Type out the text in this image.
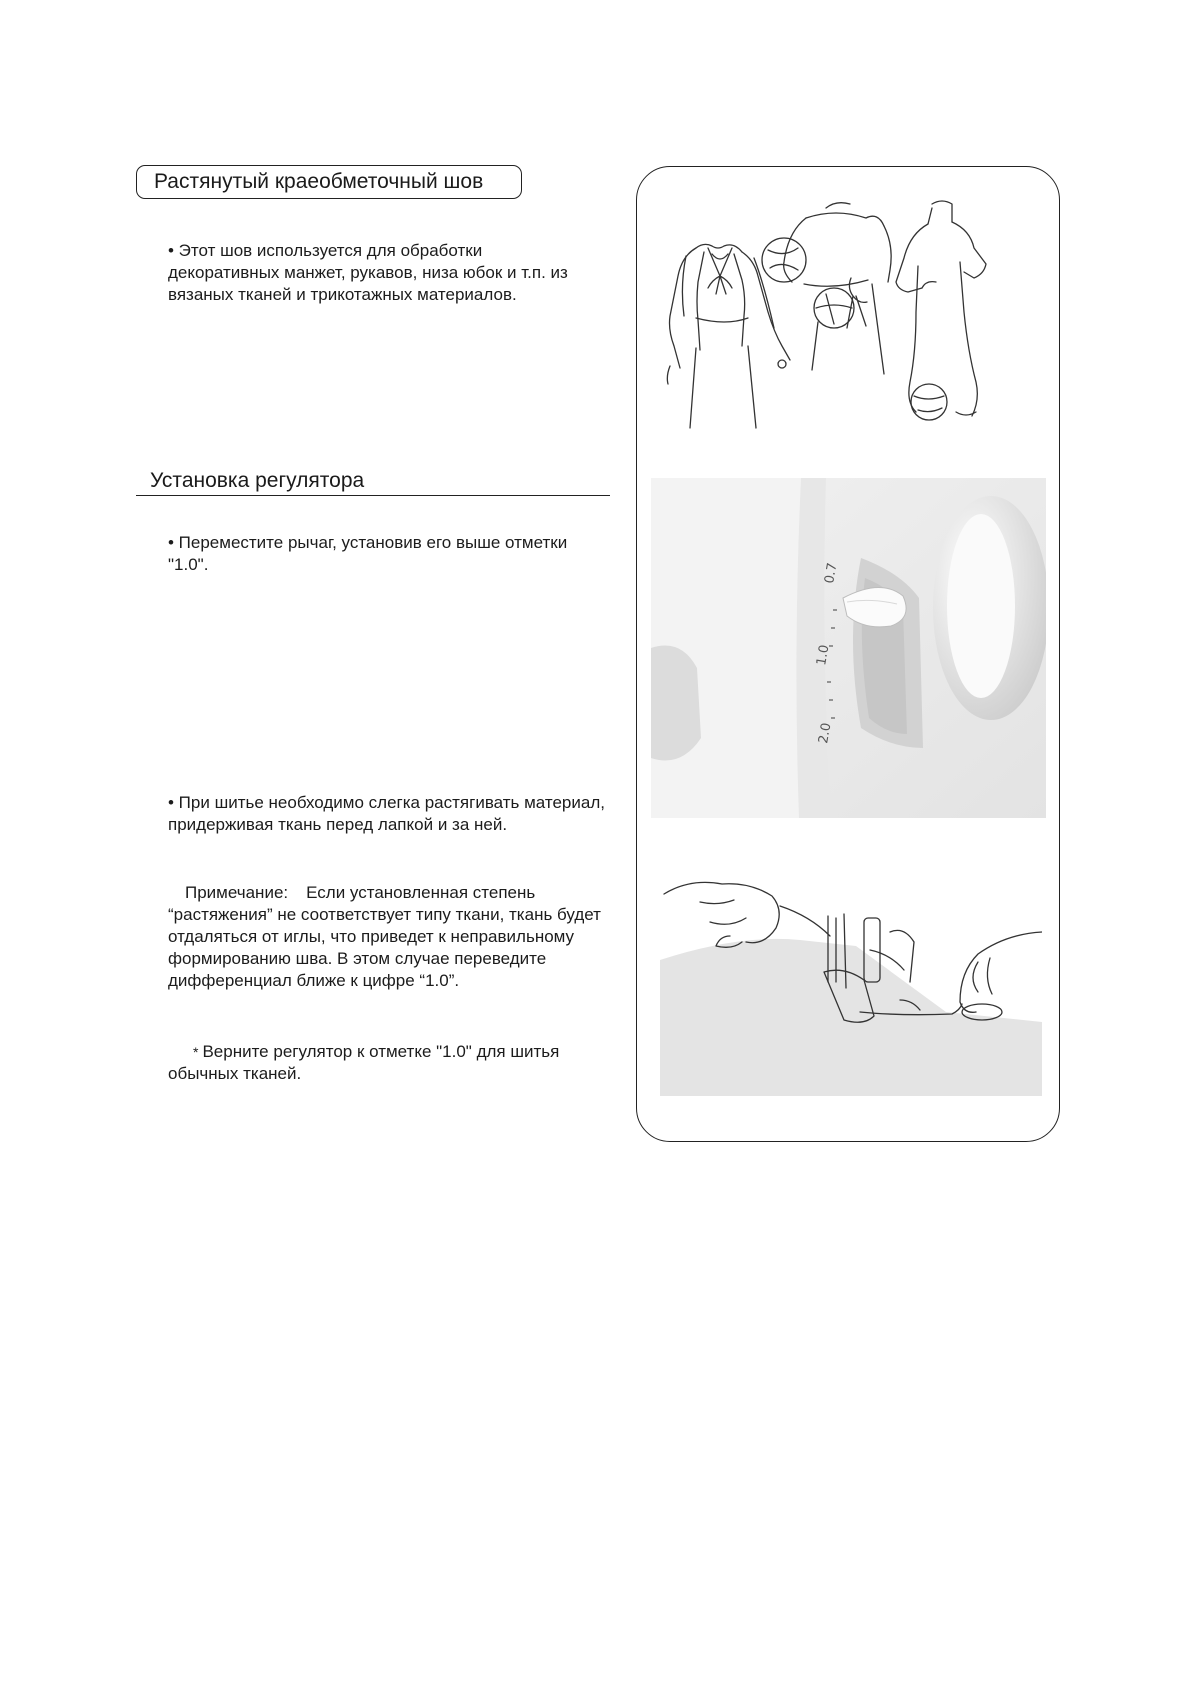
Растянутый краеобметочный шов
• Этот шов используется для обработки декоративных манжет, рукавов, низа юбок и т.п. из вязаных тканей и трикотажных материалов.
Установка регулятора
• Переместите рычаг, установив его выше отметки "1.0".
• При шитье необходимо слегка растягивать материал, придерживая ткань перед лапкой и за ней.
Примечание: Если установленная степень “растяжения” не соответствует типу ткани, ткань будет отдаляться от иглы, что приведет к неправильному формированию шва. В этом случае переведите дифференциал ближе к цифре “1.0”.
* Верните регулятор к отметке "1.0" для шитья обычных тканей.
2.0
1.0
0.7
